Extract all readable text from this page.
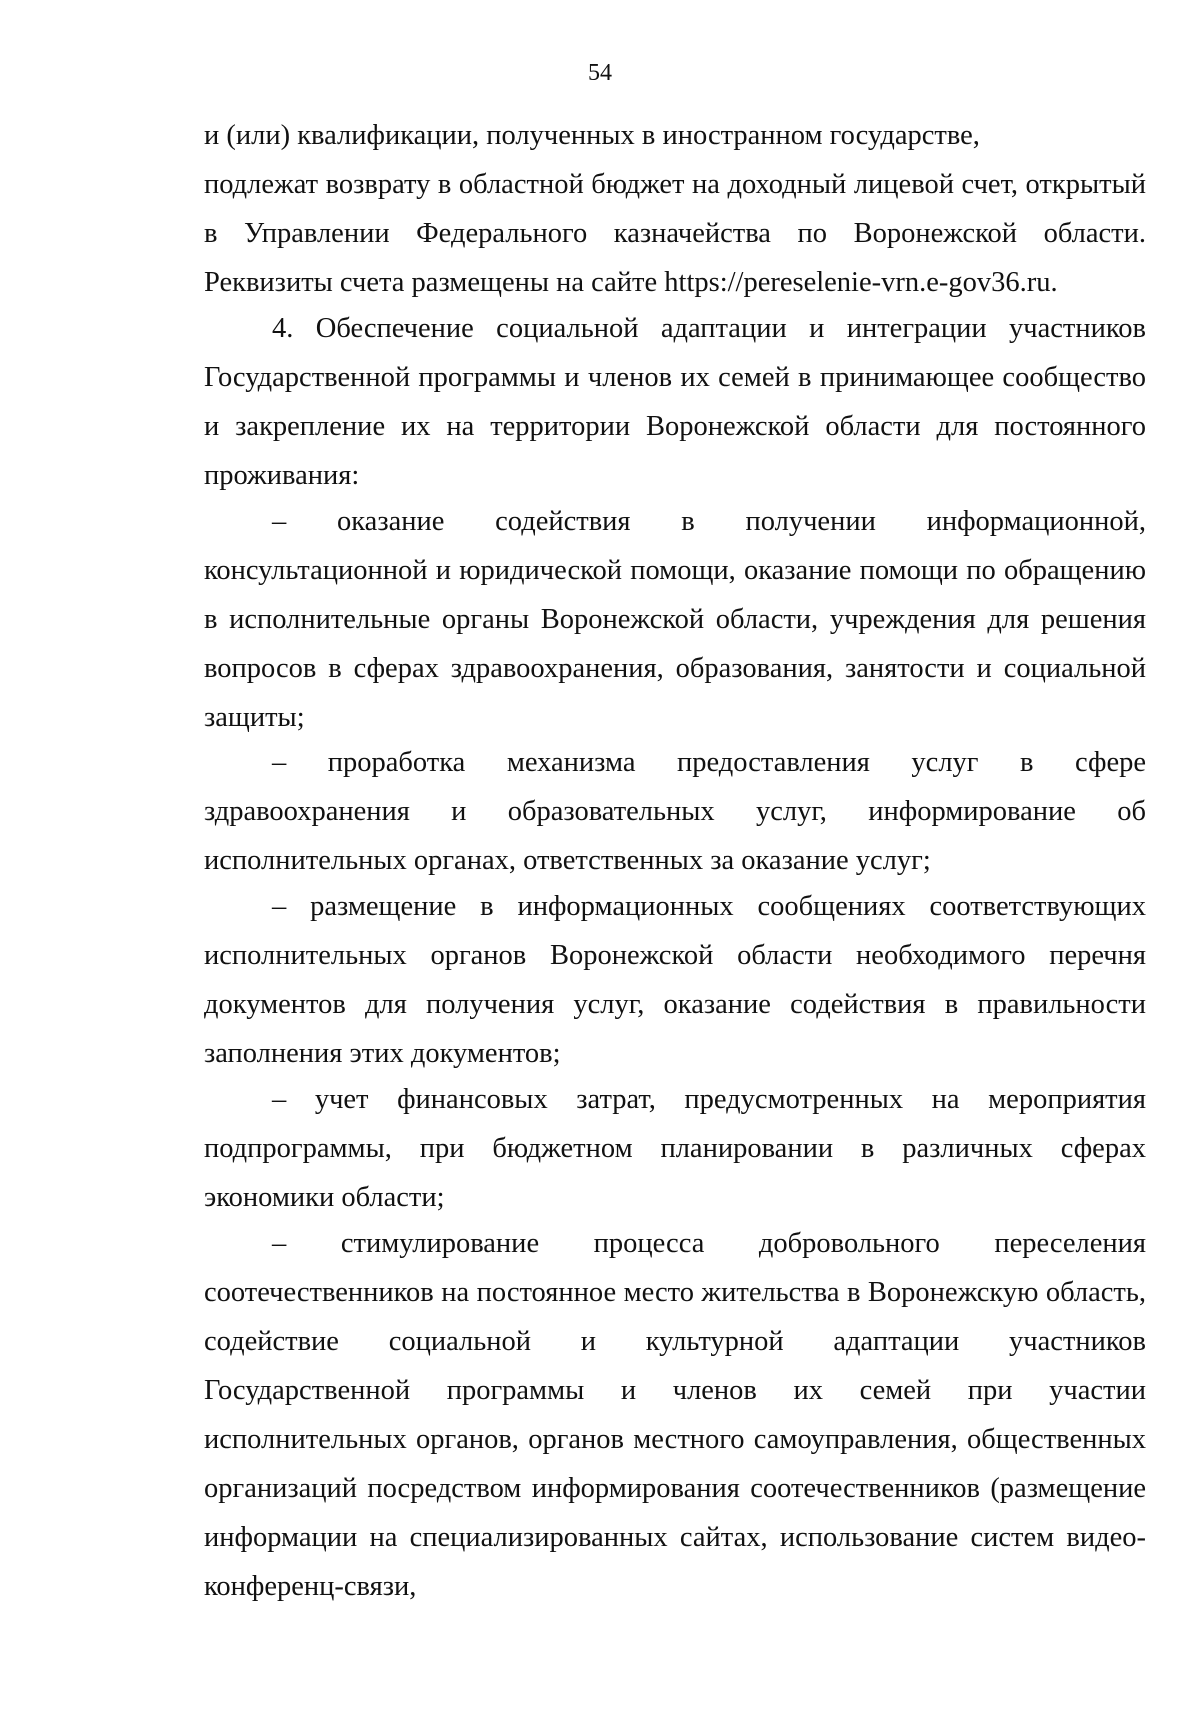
54

и (или) квалификации, полученных в иностранном государстве,

подлежат возврату в областной бюджет на доходный лицевой счет, открытый в Управлении Федерального казначейства по Воронежской области. Реквизиты счета размещены на сайте https://pereselenie-vrn.e-gov36.ru.

4. Обеспечение социальной адаптации и интеграции участников Государственной программы и членов их семей в принимающее сообщество и закрепление их на территории Воронежской области для постоянного проживания:

– оказание содействия в получении информационной, консультационной и юридической помощи, оказание помощи по обращению в исполнительные органы Воронежской области, учреждения для решения вопросов в сферах здравоохранения, образования, занятости и социальной защиты;

– проработка механизма предоставления услуг в сфере здравоохранения и образовательных услуг, информирование об исполнительных органах, ответственных за оказание услуг;

– размещение в информационных сообщениях соответствующих исполнительных органов Воронежской области необходимого перечня документов для получения услуг, оказание содействия в правильности заполнения этих документов;

– учет финансовых затрат, предусмотренных на мероприятия подпрограммы, при бюджетном планировании в различных сферах экономики области;

– стимулирование процесса добровольного переселения соотечественников на постоянное место жительства в Воронежскую область, содействие социальной и культурной адаптации участников Государственной программы и членов их семей при участии исполнительных органов, органов местного самоуправления, общественных организаций посредством информирования соотечественников (размещение информации на специализированных сайтах, использование систем видео-конференц-связи,
